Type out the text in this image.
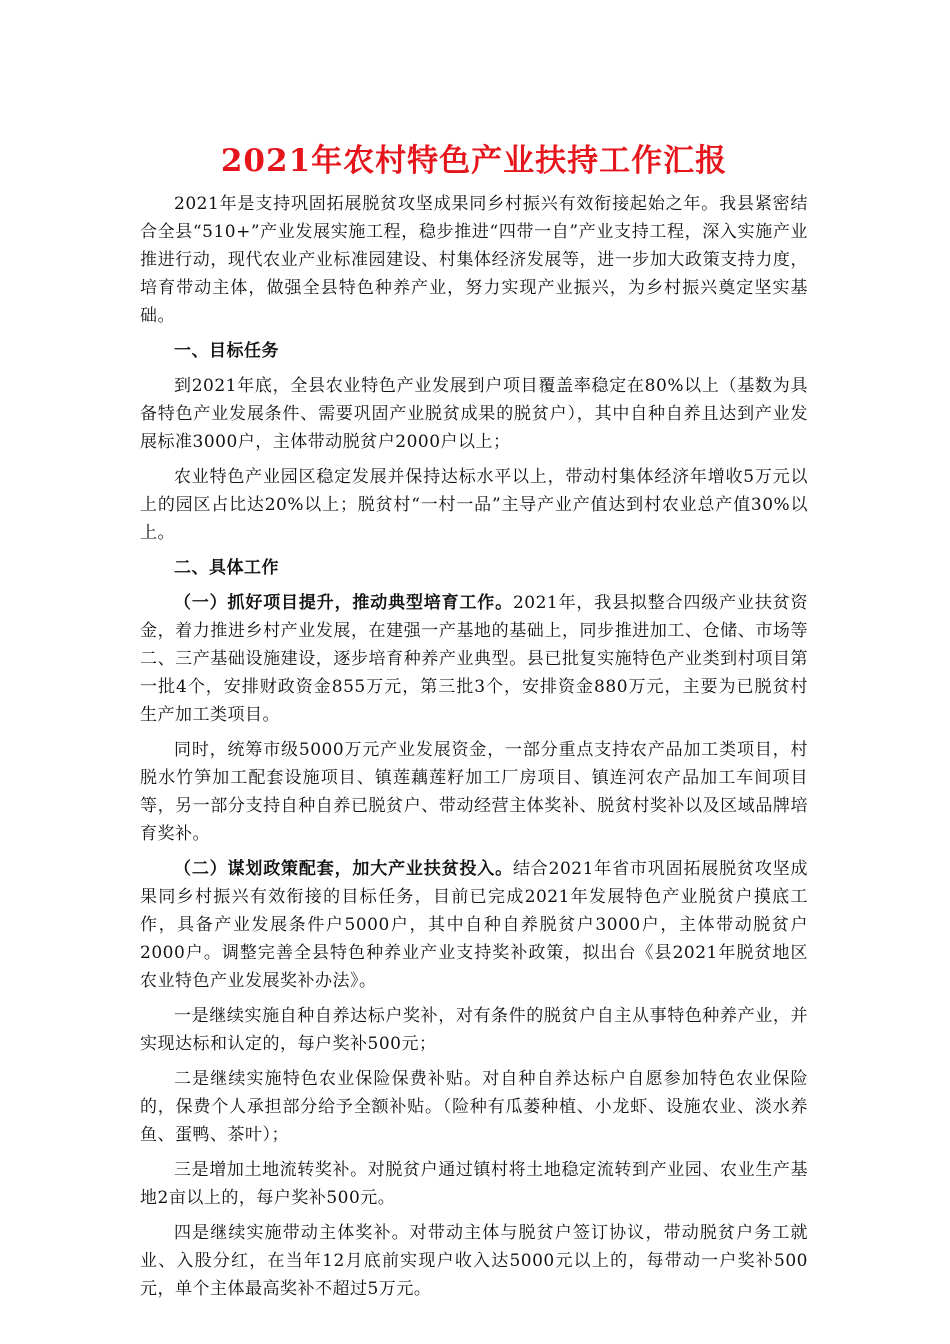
2021年农村特色产业扶持工作汇报

2021年是支持巩固拓展脱贫攻坚成果同乡村振兴有效衔接起始之年。我县紧密结合全县“510+”产业发展实施工程，稳步推进“四带一自”产业支持工程，深入实施产业推进行动，现代农业产业标准园建设、村集体经济发展等，进一步加大政策支持力度，培育带动主体，做强全县特色种养产业，努力实现产业振兴，为乡村振兴奠定坚实基础。

一、目标任务

到2021年底，全县农业特色产业发展到户项目覆盖率稳定在80%以上（基数为具备特色产业发展条件、需要巩固产业脱贫成果的脱贫户），其中自种自养且达到产业发展标准3000户，主体带动脱贫户2000户以上；

农业特色产业园区稳定发展并保持达标水平以上，带动村集体经济年增收5万元以上的园区占比达20%以上；脱贫村“一村一品”主导产业产值达到村农业总产值30%以上。

二、具体工作

（一）抓好项目提升，推动典型培育工作。2021年，我县拟整合四级产业扶贫资金，着力推进乡村产业发展，在建强一产基地的基础上，同步推进加工、仓储、市场等二、三产基础设施建设，逐步培育种养产业典型。县已批复实施特色产业类到村项目第一批4个，安排财政资金855万元，第三批3个，安排资金880万元，主要为已脱贫村生产加工类项目。

同时，统筹市级5000万元产业发展资金，一部分重点支持农产品加工类项目，村脱水竹笋加工配套设施项目、镇莲藕莲籽加工厂房项目、镇连河农产品加工车间项目等，另一部分支持自种自养已脱贫户、带动经营主体奖补、脱贫村奖补以及区域品牌培育奖补。

（二）谋划政策配套，加大产业扶贫投入。结合2021年省市巩固拓展脱贫攻坚成果同乡村振兴有效衔接的目标任务，目前已完成2021年发展特色产业脱贫户摸底工作，具备产业发展条件户5000户，其中自种自养脱贫户3000户，主体带动脱贫户2000户。调整完善全县特色种养业产业支持奖补政策，拟出台《县2021年脱贫地区农业特色产业发展奖补办法》。

一是继续实施自种自养达标户奖补，对有条件的脱贫户自主从事特色种养产业，并实现达标和认定的，每户奖补500元；

二是继续实施特色农业保险保费补贴。对自种自养达标户自愿参加特色农业保险的，保费个人承担部分给予全额补贴。（险种有瓜蒌种植、小龙虾、设施农业、淡水养鱼、蛋鸭、茶叶）；

三是增加土地流转奖补。对脱贫户通过镇村将土地稳定流转到产业园、农业生产基地2亩以上的，每户奖补500元。

四是继续实施带动主体奖补。对带动主体与脱贫户签订协议，带动脱贫户务工就业、入股分红，在当年12月底前实现户收入达5000元以上的，每带动一户奖补500元，单个主体最高奖补不超过5万元。
